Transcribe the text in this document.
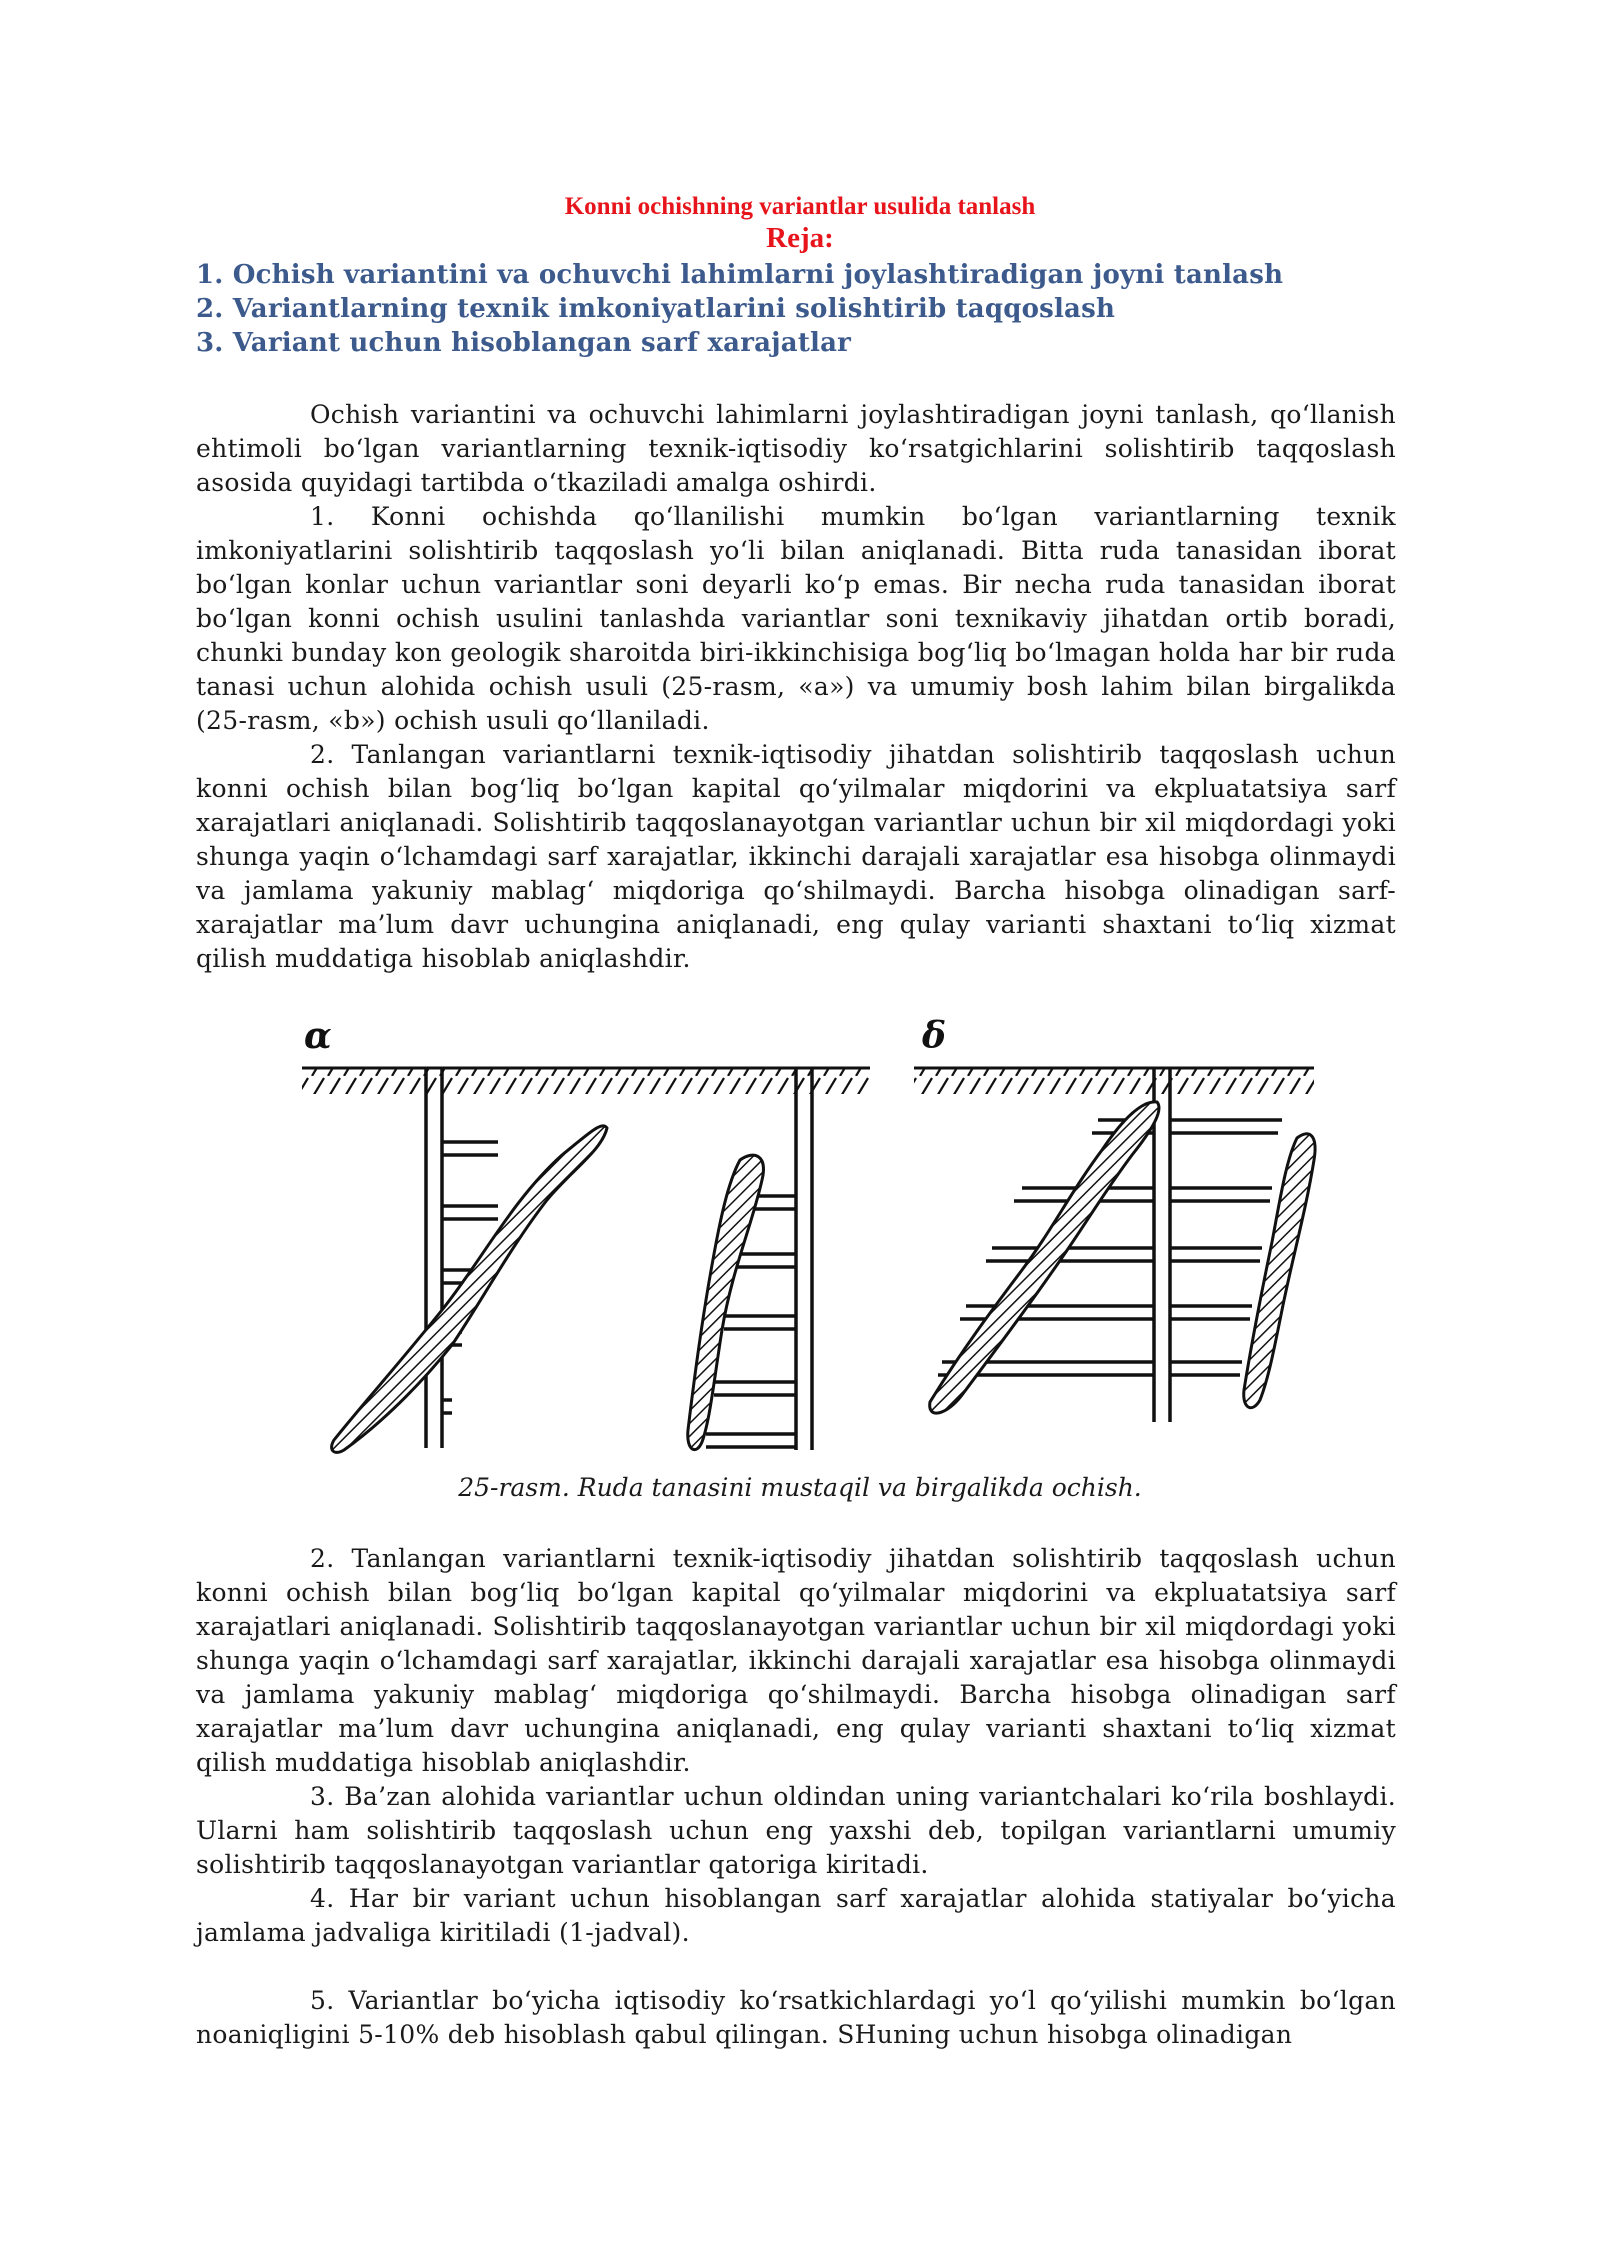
Konni ochishning variantlar usulida tanlash
Reja:
1. Ochish variantini va ochuvchi lahimlarni joylashtiradigan joyni tanlash
2. Variantlarning texnik imkoniyatlarini solishtirib taqqoslash
3. Variant uchun hisoblangan sarf xarajatlar

Ochish variantini va ochuvchi lahimlarni joylashtiradigan joyni tanlash, qo‘llanish ehtimoli bo‘lgan variantlarning texnik-iqtisodiy ko‘rsatgichlarini solishtirib taqqoslash asosida quyidagi tartibda o‘tkaziladi amalga oshirdi.

1. Konni ochishda qo‘llanilishi mumkin bo‘lgan variantlarning texnik imkoniyatlarini solishtirib taqqoslash yo‘li bilan aniqlanadi. Bitta ruda tanasidan iborat bo‘lgan konlar uchun variantlar soni deyarli ko‘p emas. Bir necha ruda tanasidan iborat bo‘lgan konni ochish usulini tanlashda variantlar soni texnikaviy jihatdan ortib boradi, chunki bunday kon geologik sharoitda biri-ikkinchisiga bog‘liq bo‘lmagan holda har bir ruda tanasi uchun alohida ochish usuli (25-rasm, «a») va umumiy bosh lahim bilan birgalikda (25-rasm, «b») ochish usuli qo‘llaniladi.

2. Tanlangan variantlarni texnik-iqtisodiy jihatdan solishtirib taqqoslash uchun konni ochish bilan bog‘liq bo‘lgan kapital qo‘yilmalar miqdorini va ekpluatatsiya sarf xarajatlari aniqlanadi. Solishtirib taqqoslanayotgan variantlar uchun bir xil miqdordagi yoki shunga yaqin o‘lchamdagi sarf xarajatlar, ikkinchi darajali xarajatlar esa hisobga olinmaydi va jamlama yakuniy mablag‘ miqdoriga qo‘shilmaydi. Barcha hisobga olinadigan sarf- xarajatlar ma’lum davr uchungina aniqlanadi, eng qulay varianti shaxtani to‘liq xizmat qilish muddatiga hisoblab aniqlashdir.

α	δ
25-rasm. Ruda tanasini mustaqil va birgalikda ochish.

2. Tanlangan variantlarni texnik-iqtisodiy jihatdan solishtirib taqqoslash uchun konni ochish bilan bog‘liq bo‘lgan kapital qo‘yilmalar miqdorini va ekpluatatsiya sarf xarajatlari aniqlanadi. Solishtirib taqqoslanayotgan variantlar uchun bir xil miqdordagi yoki shunga yaqin o‘lchamdagi sarf xarajatlar, ikkinchi darajali xarajatlar esa hisobga olinmaydi va jamlama yakuniy mablag‘ miqdoriga qo‘shilmaydi. Barcha hisobga olinadigan sarf xarajatlar ma’lum davr uchungina aniqlanadi, eng qulay varianti shaxtani to‘liq xizmat qilish muddatiga hisoblab aniqlashdir.

3. Ba’zan alohida variantlar uchun oldindan uning variantchalari ko‘rila boshlaydi. Ularni ham solishtirib taqqoslash uchun eng yaxshi deb, topilgan variantlarni umumiy solishtirib taqqoslanayotgan variantlar qatoriga kiritadi.

4. Har bir variant uchun hisoblangan sarf xarajatlar alohida statiyalar bo‘yicha jamlama jadvaliga kiritiladi (1-jadval).

5. Variantlar bo‘yicha iqtisodiy ko‘rsatkichlardagi yo‘l qo‘yilishi mumkin bo‘lgan noaniqligini 5-10% deb hisoblash qabul qilingan. SHuning uchun hisobga olinadigan
